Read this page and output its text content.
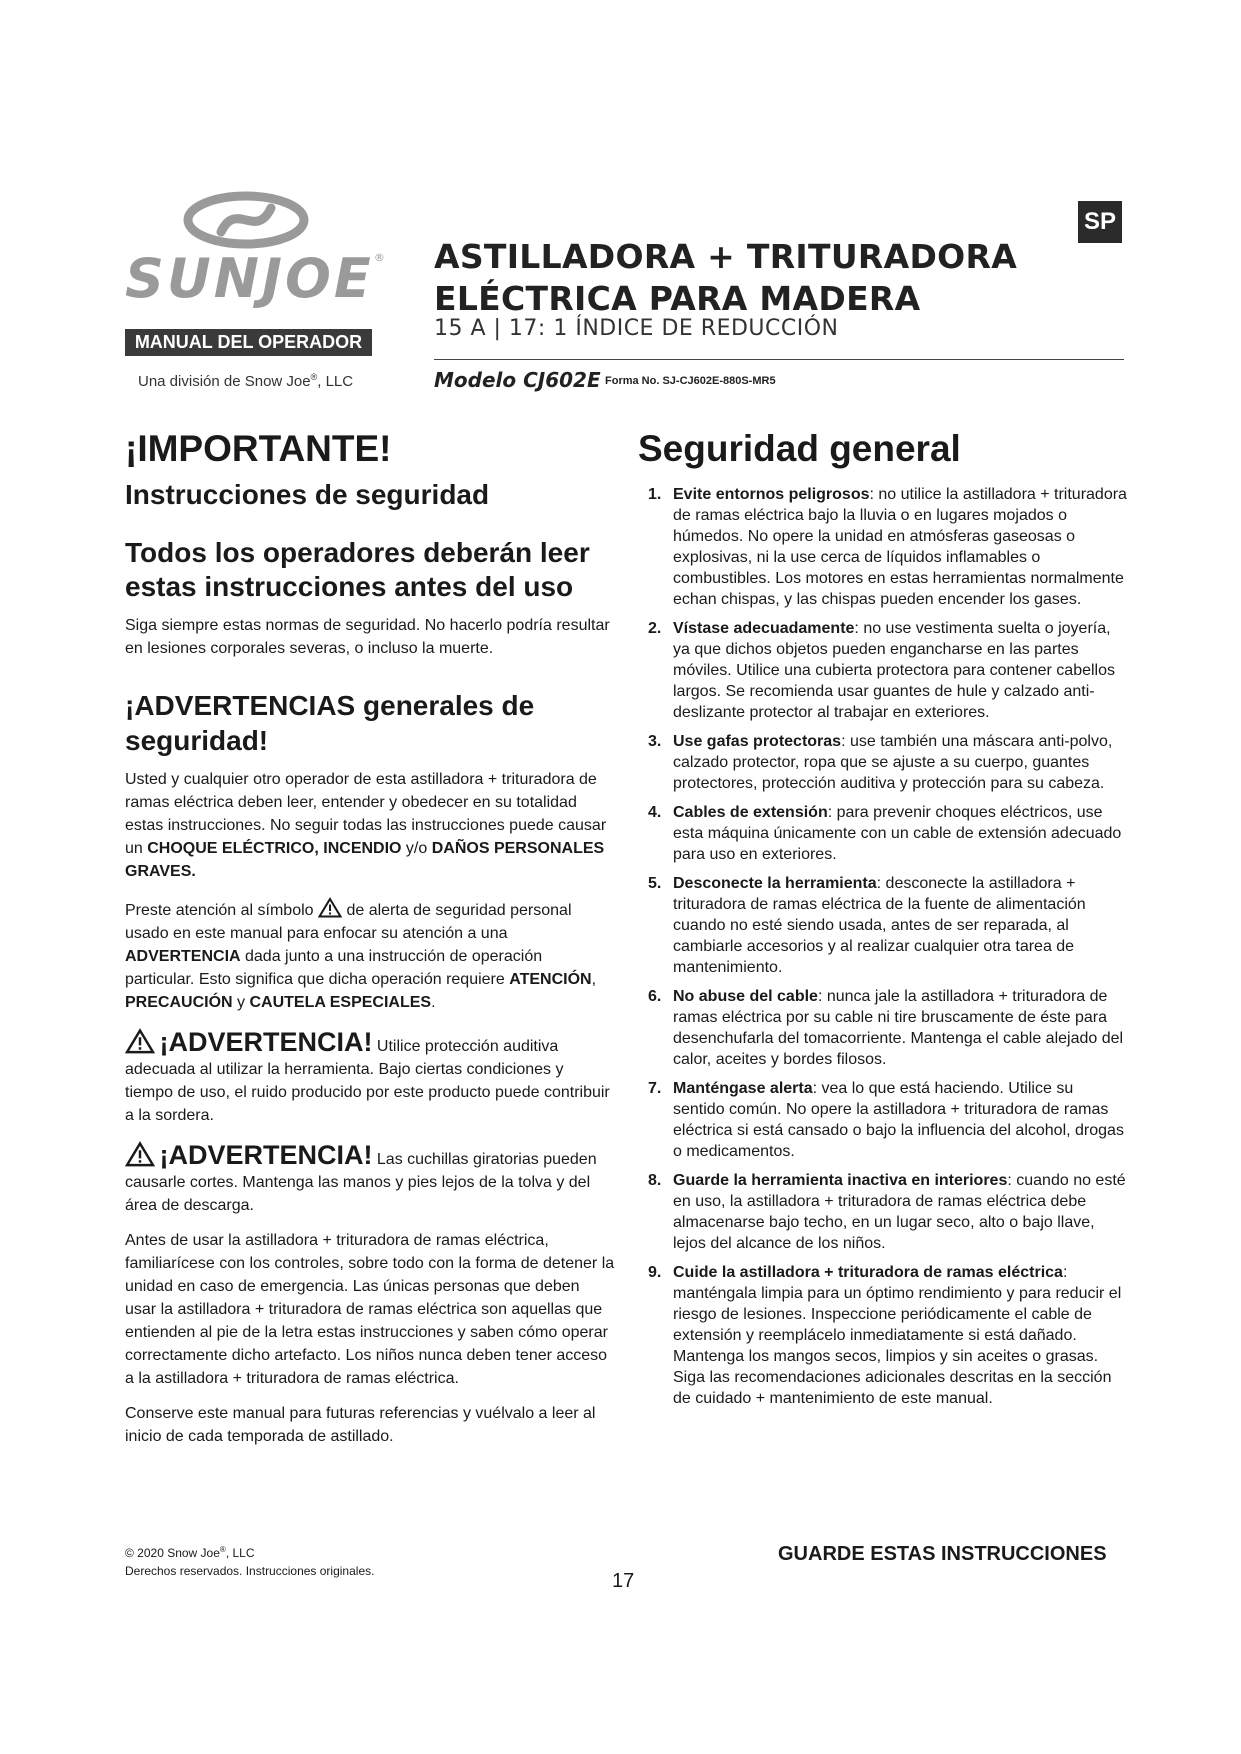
SUNJOE®
MANUAL DEL OPERADOR
Una división de Snow Joe®, LLC
ASTILLADORA + TRITURADORA
ELÉCTRICA PARA MADERA
15 A | 17: 1 ÍNDICE DE REDUCCIÓN
Modelo CJ602E Forma No. SJ-CJ602E-880S-MR5
SP
¡IMPORTANTE!
Instrucciones de seguridad
Todos los operadores deberán leer estas instrucciones antes del uso

Siga siempre estas normas de seguridad. No hacerlo podría resultar en lesiones corporales severas, o incluso la muerte.

¡ADVERTENCIAS generales de seguridad!

Usted y cualquier otro operador de esta astilladora + trituradora de ramas eléctrica deben leer, entender y obedecer en su totalidad estas instrucciones. No seguir todas las instrucciones puede causar un CHOQUE ELÉCTRICO, INCENDIO y/o DAÑOS PERSONALES GRAVES.

Preste atención al símbolo  de alerta de seguridad personal usado en este manual para enfocar su atención a una ADVERTENCIA dada junto a una instrucción de operación particular. Esto significa que dicha operación requiere ATENCIÓN, PRECAUCIÓN y CAUTELA ESPECIALES.

¡ADVERTENCIA! Utilice protección auditiva adecuada al utilizar la herramienta. Bajo ciertas condiciones y tiempo de uso, el ruido producido por este producto puede contribuir a la sordera.

¡ADVERTENCIA! Las cuchillas giratorias pueden causarle cortes. Mantenga las manos y pies lejos de la tolva y del área de descarga.

Antes de usar la astilladora + trituradora de ramas eléctrica, familiarícese con los controles, sobre todo con la forma de detener la unidad en caso de emergencia. Las únicas personas que deben usar la astilladora + trituradora de ramas eléctrica son aquellas que entienden al pie de la letra estas instrucciones y saben cómo operar correctamente dicho artefacto. Los niños nunca deben tener acceso a la astilladora + trituradora de ramas eléctrica.

Conserve este manual para futuras referencias y vuélvalo a leer al inicio de cada temporada de astillado.

Seguridad general
1. Evite entornos peligrosos: no utilice la astilladora + trituradora de ramas eléctrica bajo la lluvia o en lugares mojados o húmedos. No opere la unidad en atmósferas gaseosas o explosivas, ni la use cerca de líquidos inflamables o combustibles. Los motores en estas herramientas normalmente echan chispas, y las chispas pueden encender los gases.
2. Vístase adecuadamente: no use vestimenta suelta o joyería, ya que dichos objetos pueden engancharse en las partes móviles. Utilice una cubierta protectora para contener cabellos largos. Se recomienda usar guantes de hule y calzado anti-deslizante protector al trabajar en exteriores.
3. Use gafas protectoras: use también una máscara anti-polvo, calzado protector, ropa que se ajuste a su cuerpo, guantes protectores, protección auditiva y protección para su cabeza.
4. Cables de extensión: para prevenir choques eléctricos, use esta máquina únicamente con un cable de extensión adecuado para uso en exteriores.
5. Desconecte la herramienta: desconecte la astilladora + trituradora de ramas eléctrica de la fuente de alimentación cuando no esté siendo usada, antes de ser reparada, al cambiarle accesorios y al realizar cualquier otra tarea de mantenimiento.
6. No abuse del cable: nunca jale la astilladora + trituradora de ramas eléctrica por su cable ni tire bruscamente de éste para desenchufarla del tomacorriente. Mantenga el cable alejado del calor, aceites y bordes filosos.
7. Manténgase alerta: vea lo que está haciendo. Utilice su sentido común. No opere la astilladora + trituradora de ramas eléctrica si está cansado o bajo la influencia del alcohol, drogas o medicamentos.
8. Guarde la herramienta inactiva en interiores: cuando no esté en uso, la astilladora + trituradora de ramas eléctrica debe almacenarse bajo techo, en un lugar seco, alto o bajo llave, lejos del alcance de los niños.
9. Cuide la astilladora + trituradora de ramas eléctrica: manténgala limpia para un óptimo rendimiento y para reducir el riesgo de lesiones. Inspeccione periódicamente el cable de extensión y reemplácelo inmediatamente si está dañado. Mantenga los mangos secos, limpios y sin aceites o grasas. Siga las recomendaciones adicionales descritas en la sección de cuidado + mantenimiento de este manual.
© 2020 Snow Joe®, LLC
Derechos reservados. Instrucciones originales.	17
GUARDE ESTAS INSTRUCCIONES
